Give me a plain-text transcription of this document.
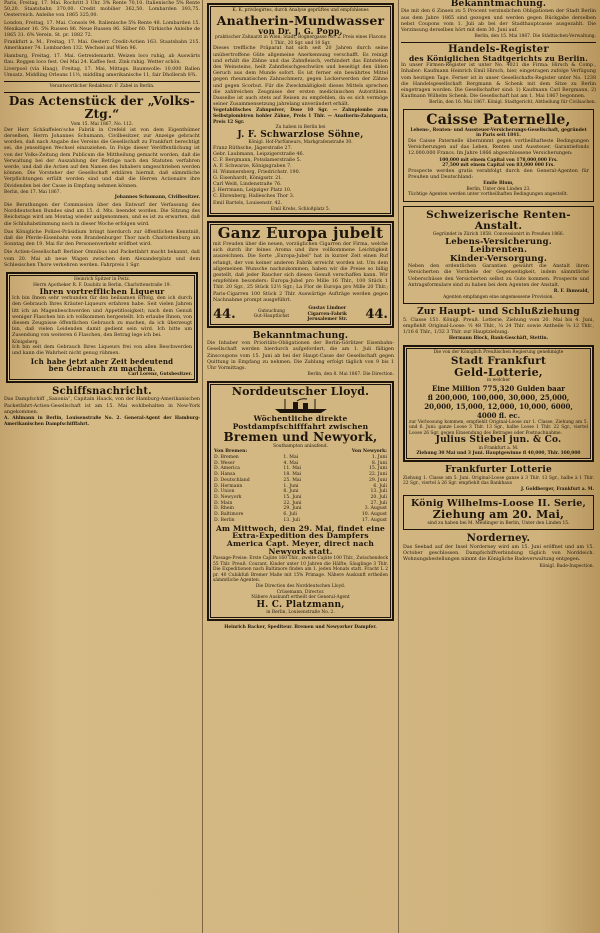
Paris, Freitag, 17. Mai. Rochritt 3 Uhr. 3% Rente 70,10. Italienische 5% Rente 50,20. Staatsbahn 370,00. Credit mobilier 362,50. Lombarden 393,75. Oesterreich. Anleihe von 1865 325,00.

London, Freitag, 17. Mai. Consols 94. Italienische 5% Rente 48. Lombarden 15. Mexikaner 16. 5% Russen 86. Neue Russen 86. Silber 60. Türkische Anleihe de 1865 31. 6% Verein. St. pr. 1882 72.

Frankfurt a. M., Freitag, 17. Mai. Oesterr. Credit-Actien 163. Staatsbahn 215. Amerikaner 74. Lombarden 132. Wechsel auf Wien 96.

Hamburg, Freitag, 17. Mai. Getreidemarkt. Weizen loco ruhig, ab Auswärts flau. Roggen loco fest. Oel Mai 24. Kaffee fest. Zink ruhig. Wetter schön.

Liverpool (via Haag), Freitag, 17. Mai, Mittags. Baumwolle: 10,000 Ballen Umsatz. Middling Orleans 11½, middling amerikanische 11, fair Dhollerah 8¾.

Verantwortlicher Redakteur: F. Zabel in Berlin.
Das Actenstück der „Volks-Ztg.“
Vom 15. Mai 1867, No. 112.
Der Herr Schäuffelen'sche Fabrik in Crefeld ist von dem Eigenthümer derselben, Herrn Johannes Schumann, Civilbesitzer, zur Anzeige gebracht worden, daß nach Angabe des Vereins die Gesellschaft zu Frankfurt berechtigt sei, die jenseitigen Wechsel einzuziehen. In Folge dieser Veröffentlichung ist von der Volks-Zeitung dem Publicum die Mittheilung gemacht worden, daß die Verwaltung bei der Auszahlung der Beträge nach den Statuten verfahren werde, und daß die Actien auf den Namen des Inhabers umgeschrieben werden können. Die Vorsteher der Gesellschaft erklären hiermit, daß sämmtliche Verpflichtungen erfüllt worden sind und daß die Herren Actionaire ihre Dividenden bei der Casse in Empfang nehmen können.
Berlin, den 17. Mai 1867.
Johannes Schumann, Civilbesitzer.
Die Berathungen der Commission über den Entwurf der Verfassung des Norddeutschen Bundes sind am 15. d. Mts. beendet worden. Die Sitzung des Reichstags wird am Montag wieder aufgenommen, und es ist zu erwarten, daß die Schlußabstimmung noch in dieser Woche erfolgen wird.
Das Königliche Polizei-Präsidium bringt hierdurch zur öffentlichen Kenntniß, daß die Pferde-Eisenbahn vom Brandenburger Thor nach Charlottenburg am Sonntag den 19. Mai für den Personenverkehr eröffnet wird.
Die Actien-Gesellschaft Berliner Omnibus und Packetfahrt macht bekannt, daß vom 20. Mai ab neue Wagen zwischen dem Alexanderplatz und dem Schlesischen Thore verkehren werden. Fahrpreis 1 Sgr.
Heinrich Spitzer in Peitz.
Herrn Apotheker R. F. Daubitz in Berlin, Charlottenstraße 19.
Ihren vortrefflichen Liqueur
Ich bin Ihnen sehr verbunden für den heilsamen Erfolg, den ich durch den Gebrauch Ihres Kräuter-Liqueurs erfahren habe. Seit vielen Jahren litt ich an Magenbeschwerden und Appetitlosigkeit; nach dem Genuß weniger Flaschen bin ich vollkommen hergestellt. Ich erlaube Ihnen, von diesem Zeugnisse öffentlichen Gebrauch zu machen, da ich überzeugt bin, daß vielen Leidenden damit gedient sein wird. Ich bitte um Zusendung von weiteren 6 Flaschen, den Betrag lege ich bei.
Königsberg.
Ich bin seit dem Gebrauch Ihres Liqueurs frei von allen Beschwerden und kann die Wahrheit nicht genug rühmen.
Ich habe jetzt aber Zeit bedeutend
ben Gebrauch zu machen.
Carl Lorenz, Gutsbesitzer.
Schiffsnachricht.
Das Dampfschiff „Saxonia“, Capitain Haack, von der Hamburg-Amerikanischen Packetfahrt-Actien-Gesellschaft ist am 15. Mai wohlbehalten in New-York angekommen.
A. Ahlmann in Berlin, Louisenstraße No. 2. General-Agent der Hamburg-Amerikanischen Dampfschifffahrt.
K. K. privilegirtes, durch Analyse geprüftes und empfohlenes
Anatherin-Mundwasser
von Dr. J. G. Popp,
praktischer Zahnarzt in Wien, Stadt, Bognergasse No. 2. Preis eines Flacons 1 Thlr., 20 Sgr. und 10 Sgr.
Dieses treffliche Präparat hat sich seit 20 Jahren durch seine unübertroffene Güte allgemeine Anerkennung verschafft. Es reinigt und erhält die Zähne und das Zahnfleisch, verhindert das Entstehen des Weinsteins, heilt Zahnfleischgeschwüre und beseitigt den üblen Geruch aus dem Munde sofort. Es ist ferner ein bewährtes Mittel gegen rheumatischen Zahnschmerz, gegen Lockerwerden der Zähne und gegen Scorbut. Für die Zweckmäßigkeit dieses Mittels sprechen die zahlreichen Zeugnisse der ersten medicinischen Autoritäten. Dasselbe ist auch stets auf Reisen zu empfehlen, da es sich vermöge seiner Zusammensetzung jahrelang unverändert erhält.
Vegetabilisches Zahnpulver, Dose 10 Sgr. — Zahnplombe zum Selbstplombiren hohler Zähne, Preis 1 Thlr. — Anatherin-Zahnpasta, Preis 12 Sgr.
Zu haben in Berlin bei
J. F. Schwarzlose Söhne,
Königl. Hof-Parfümeurs, Markgrafenstraße 30.
Franz Rüthsche, Jägerstraße 27.
Gebr. Laubmann, Leipzigerstraße 46.
C. F. Bergmann, Potsdamerstraße 5.
A. F. Schwarze, Königsgraben 7.
H. Wimmersberg, Friedrichstr. 190.
G. Eisenhardt, Königsstr. 21.
Carl Weiß, Lindenstraße 76.
J. Herrmann, Leipziger Platz 10.
C. Ehrenberg, Hallesches Thor 3.
Emil Bartels, Louisenstr. 42.
Emil Krebs, Schloßplatz 5.
Ganz Europa jubelt
mit Freuden über die neuen, vorzüglichen Cigarren der Firma, welche sich durch ihr feines Aroma und ihre vollkommene Leichtigkeit auszeichnen. Die Sorte „Europa-Jubel“ hat in kurzer Zeit einen Ruf erlangt, der von keiner anderen Fabrik erreicht worden ist. Um dem allgemeinen Wunsche nachzukommen, haben wir die Preise so billig gestellt, daß jeder Raucher sich diesen Genuß verschaffen kann. Wir empfehlen besonders: Europa-Jubel pro Mille 16 Thlr., 100 Stück 1 Thlr. 20 Sgr., 25 Stück 12½ Sgr.; La Flor de Europa pro Mille 20 Thlr.; Paris-Cigarren 100 Stück 2 Thlr. Auswärtige Aufträge werden gegen Nachnahme prompt ausgeführt.
44.	Gutsuchung
Gut-Hauptlichst
Gustav Lindner
Cigarren-Fabrik
Jerusalemer Str. 44.
Bekanntmachung.
Die Inhaber von Prioritäts-Obligationen der Berlin-Görlitzer Eisenbahn-Gesellschaft werden hierdurch aufgefordert, die am 1. Juli fälligen Zinscoupons vom 15. Juni ab bei der Haupt-Casse der Gesellschaft gegen Quittung in Empfang zu nehmen. Die Zahlung erfolgt täglich von 9 bis 1 Uhr Vormittags.
Berlin, den 8. Mai 1867. Die Direction.
Norddeutscher Lloyd.
Wöchentliche direkte Postdampfschifffahrt zwischen
Bremen und Newyork,
Southampton anlaufend.
Von Bremen:		Von Newyork:
D. Bremen	1. Mai	1. Juni
D. Weser	4. Mai	8. Juni
D. America	11. Mai	15. Juni
D. Hansa	18. Mai	22. Juni
D. Deutschland	25. Mai	29. Juni
D. Hermann	1. Juni	6. Juli
D. Union	8. Juni	13. Juli
D. Newyork	15. Juni	20. Juli
D. Main	22. Juni	27. Juli
D. Rhein	29. Juni	3. August
D. Baltimore	6. Juli	10. August
D. Berlin	13. Juli	17. August
Am Mittwoch, den 29. Mai, findet eine Extra-Expedition des Dampfers America Capt. Meyer, direct nach Newyork statt.
Passage-Preise: Erste Cajüte 160 Thlr., zweite Cajüte 100 Thlr., Zwischendeck 55 Thlr. Preuß. Courant. Kinder unter 10 Jahren die Hälfte, Säuglinge 3 Thlr. Die Expeditionen nach Baltimore finden am 1. jeden Monats statt. Fracht L 2 pr. 40 Cubikfuß Bremer Maße mit 15% Primage. Nähere Auskunft ertheilen sämmtliche Agenten.
Die Direction des Norddeutschen Lloyd.
Crüsemann, Director.
Nähere Auskunft ertheilt der General-Agent
H. C. Platzmann,
in Berlin, Louisenstraße No. 2.
Heinrich Backer, Spediteur. Bremen und Newyorker Dampfer.
Bekanntmachung.
Die mit den 6 Zinsen zu 5 Procent verzinslichen Obligationen der Stadt Berlin aus dem Jahre 1865 sind gezogen und werden gegen Rückgabe derselben nebst Coupons vom 1. Juli ab bei der Stadthauptcasse ausgezahlt. Die Verzinsung derselben hört mit dem 30. Juni auf.
Berlin, den 15. Mai 1867. Die Städtischen-Verwaltung.
Handels-Register
des Königlichen Stadtgerichts zu Berlin.
In unser Firmen-Register ist unter No. 4021 die Firma: Hirsch & Comp., Inhaber: Kaufmann Heinrich Emil Hirsch, hier, eingetragen zufolge Verfügung vom heutigen Tage. Ferner ist in unser Gesellschafts-Register unter No. 1238 die Handelsgesellschaft Bergmann & Schenk mit dem Sitze zu Berlin eingetragen worden. Die Gesellschafter sind: 1) Kaufmann Carl Bergmann, 2) Kaufmann Wilhelm Schenk. Die Gesellschaft hat am 1. Mai 1867 begonnen.
Berlin, den 16. Mai 1867. Königl. Stadtgericht, Abtheilung für Civilsachen.
Caisse Paternelle,
Lebens-, Renten- und Aussteuer-Versicherungs-Gesellschaft, gegründet in Paris seit 1841.
Die Caisse Paternelle übernimmt gegen vortheilhafteste Bedingungen Versicherungen auf das Leben, Renten und Aussteuer. Garantiefonds 12.000.000 Francs. Im Jahre 1866 abgeschlossene Versicherungen:
100,000 mit einem Capital von 178,000,000 Frs.
27,500 mit einem Capital von 83,000 000 Frs.
Prospecte werden gratis verabfolgt durch den General-Agenten für Preußen und Deutschland:
Emile Blum,
Berlin, Unter den Linden 23.
Tüchtige Agenten werden unter vortheilhaften Bedingungen angestellt.
Schweizerische Renten-Anstalt.
Gegründet in Zürich 1858. Concessionirt in Preußen 1866.
Lebens-Versicherung.
Leibrenten.
Kinder-Versorgung.
Neben den ordentlichen Garantien gewährt die Anstalt ihren Versicherten die Vortheile der Gegenseitigkeit, indem sämmtliche Ueberschüsse den Versicherten selbst zu Gute kommen. Prospecte und Antragsformulare sind zu haben bei dem Agenten der Anstalt.
R. F. Ihmwald,
Agenten empfangen eine angemessene Provision.
Zur Haupt- und Schlußziehung
5. Classe 151. Königl. Preuß. Lotterie, Ziehung vom 20. Mai bis 4. Juni, empfiehlt Original-Loose: ½ 48 Thlr., ¼ 24 Thlr. sowie Antheile ⅛ 12 Thlr., 1/16 6 Thlr., 1/32 3 Thlr. zur Hauptziehung.
Hermann Block, Bank-Geschäft, Stettin.
Die von der Königlich Preußischen Regierung genehmigte
Stadt Frankfurt
Geld-Lotterie,
in welcher
Eine Million 775,320 Gulden baar
fl 200,000, 100,000, 30,000, 25,000,
20,000, 15,000, 12,000, 10,000, 6000,
4000 fl. ec.
zur Verloosung kommen, empfiehlt Original-Loose zur 1. Classe, Ziehung am 5. und 6. Juni: ganze Loose 3 Thlr. 13 Sgr., halbe Loose 1 Thlr. 22 Sgr., viertel Loose 26 Sgr. gegen Einsendung des Betrages oder Postnachnahme.
Julius Stiebel jun. & Co.
in Frankfurt a. M.
Ziehung 30 Mai und 3 Juni. Hauptgewinne fl 40,000, Thlr. 100,000
Frankfurter Lotterie
Ziehung 1. Classe am 5. Juni. Original-Loose ganze à 3 Thlr. 13 Sgr., halbe à 1 Thlr. 22 Sgr., viertel à 26 Sgr. empfiehlt das Bankhaus
J. Goldberger, Frankfurt a. M.
König Wilhelms-Loose II. Serie,
Ziehung am 20. Mai,
sind zu haben bei M. Meidinger in Berlin, Unter den Linden 15.
Norderney.
Das Seebad auf der Insel Norderney wird am 15. Juni eröffnet und am 15. October geschlossen. Dampfschiffverbindung täglich von Norddeich. Wohnungsbestellungen nimmt die Königliche Badeverwaltung entgegen.
Königl. Bade-Inspection.
